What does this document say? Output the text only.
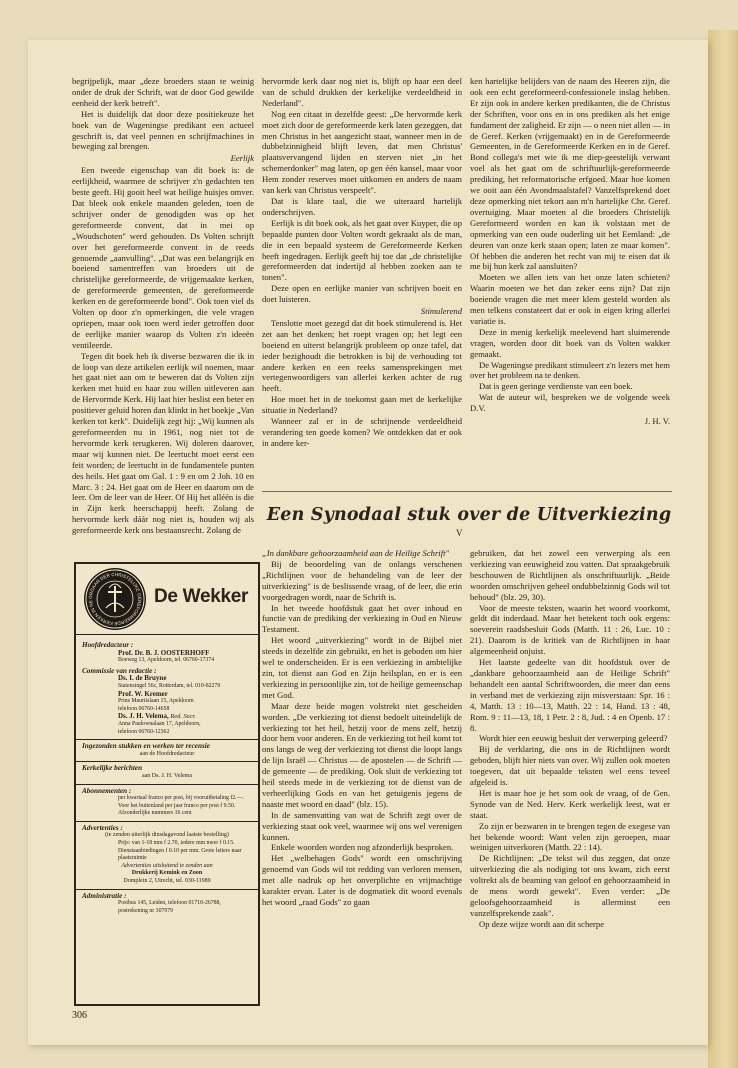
begrijpelijk, maar „deze broeders staan te weinig onder de druk der Schrift, wat de door God gewilde eenheid der kerk betreft".

Het is duidelijk dat door deze positiekeuze het boek van de Wageningse predikant een actueel geschrift is, dat veel pennen en schrijfmachines in beweging zal brengen.

Eerlijk

Een tweede eigenschap van dit boek is: de eerlijkheid, waarmee de schrijver z'n gedachten ten beste geeft. Hij gooit heel wat heilige huisjes omver. Dat bleek ook enkele maanden geleden, toen de schrijver onder de genodigden was op het gereformeerde convent, dat in mei op „Woudschoten" werd gehouden. Ds Volten schrijft over het gereformeerde convent in de reeds genoemde „aanvulling". „Dat was een belangrijk en boeiend samentreffen van broeders uit de christelijke gereformeerde, de vrijgemaakte kerken, de gereformeerde gemeenten, de gereformeerde kerken en de gereformeerde bond". Ook toen viel ds Volten op door z'n opmerkingen, die vele vragen opriepen, maar ook toen werd ieder getroffen door de eerlijke manier waarop ds Volten z'n ideeën ventileerde.

Tegen dit boek heb ik diverse bezwaren die ik in de loop van deze artikelen eerlijk wil noemen, maar het gaat niet aan om te beweren dat ds Volten zijn kerken met huid en haar zou willen uitleveren aan de Hervormde Kerk. Hij laat hier beslist een beter en positiever geluid horen dan klinkt in het boekje „Van kerken tot kerk". Duidelijk zegt hij: „Wij kunnen als gereformeerden nu in 1961, nog niet tot de hervormde kerk terugkeren. Wij doleren daarover, maar wij kunnen niet. De leertucht moet eerst een feit worden; de leertucht in de fundamentele punten des heils. Het gaat om Gal. 1 : 9 en om 2 Joh. 10 en Marc. 3 : 24. Het gaat om de Heer en daarom om de leer. Om de leer van de Heer. Of Hij het alléén is die in Zijn kerk heerschappij heeft. Zolang de hervormde kerk dáár nog niet is, houden wij als gereformeerde kerk ons bestaansrecht. Zolang de

hervormde kerk daar nog niet is, blijft op haar een deel van de schuld drukken der kerkelijke verdeeldheid in Nederland".

Nog een citaat in dezelfde geest: „De hervormde kerk moet zich door de gereformeerde kerk laten gezeggen, dat men Christus in het aangezicht staat, wanneer men in de dubbelzinnigheid blijft leven, dat men Christus' plaatsvervangend lijden en sterven niet „in het schemerdonker" mag laten, op gen één kansel, maar voor Hem zonder reserves moet uitkomen en anders de naam van kerk van Christus verspeelt".

Dat is klare taal, die we uiteraard hartelijk onderschrijven.

Eerlijk is dit boek ook, als het gaat over Kuyper, die op bepaalde punten door Volten wordt gekraakt als de man, die in een bepaald systeem de Gereformeerde Kerken heeft ingedragen. Eerlijk geeft hij toe dat „de christelijke gereformeerden dat indertijd al hebben zoeken aan te tonen".

Deze open en eerlijke manier van schrijven boeit en doet luisteren.

Stimulerend

Tenslotte moet gezegd dat dit boek stimulerend is. Het zet aan het denken; het roept vragen op; het legt een boeiend en uiterst belangrijk probleem op onze tafel, dat ieder bezighoudt die betrokken is bij de verhouding tot andere kerken en een reeks samensprekingen met vertegenwoordigers van allerlei kerken achter de rug heeft.

Hoe moet het in de toekomst gaan met de kerkelijke situatie in Nederland?

Wanneer zal er in de schrijnende verdeeldheid verandering ten goede komen? We ontdekken dat er ook in andere ker-

ken hartelijke belijders van de naam des Heeren zijn, die ook een echt gereformeerd-confessionele inslag hebben. Er zijn ook in andere kerken predikanten, die de Christus der Schriften, voor ons en in ons prediken als het enige fundament der zaligheid. Er zijn — o neen niet allen — in de Geref. Kerken (vrijgemaakt) en in de Gereformeerde Gemeenten, in de Gereformeerde Kerken en in de Geref. Bond collega's met wie ik me diep-geestelijk verwant voel als het gaat om de schriftuurlijk-gereformeerde prediking, het reformatorische erfgoed. Maar hoe komen we ooit aan één Avondmaalstafel? Vanzelfsprekend doet deze opmerking niet tekort aan m'n hartelijke Chr. Geref. overtuiging. Maar moeten al die broeders Christelijk Gereformeerd worden en kan ik volstaan met de opmerking van een oude ouderling uit het Eemland: „de deuren van onze kerk staan open; laten ze maar komen". Of hebben die anderen het recht van mij te eisen dat ik me bij hun kerk zal aansluiten?

Moeten we allen iets van het onze laten schieten? Waarin moeten we het dan zeker eens zijn? Dat zijn boeiende vragen die met meer klem gesteld worden als men telkens constateert dat er ook in eigen kring allerlei variatie is.

Deze in menig kerkelijk meelevend hart sluimerende vragen, worden door dit boek van ds Volten wakker gemaakt.

De Wageningse predikant stimuleert z'n lezers met hem over het probleem na te denken.

Dat is geen geringe verdienste van een boek.

Wat de auteur wil, bespreken we de volgende week D.V.

J. H. V.
Een Synodaal stuk over de Uitverkiezing
V

„In dankbare gehoorzaamheid aan de Heilige Schrift"

Bij de beoordeling van de onlangs verschenen „Richtlijnen voor de behandeling van de leer der uitverkiezing" is de beslissende vraag, of de leer, die erin voorgedragen wordt, naar de Schrift is.

In het tweede hoofdstuk gaat het over inhoud en functie van de prediking der verkiezing in Oud en Nieuw Testament.

Het woord „uitverkiezing" wordt in de Bijbel niet steeds in dezelfde zin gebruikt, en het is geboden om hier wel te onderscheiden. Er is een verkiezing in ambtelijke zin, tot dienst aan God en Zijn heilsplan, en er is een verkiezing in persoonlijke zin, tot de heilige gemeenschap met God.

Maar deze beide mogen volstrekt niet gescheiden worden. „De verkiezing tot dienst bedoelt uiteindelijk de verkiezing tot het heil, hetzij voor de mens zelf, hetzij door hem voor anderen. En de verkiezing tot heil komt tot ons langs de weg der verkiezing tot dienst die loopt langs de lijn Israël — Christus — de apostelen — de Schrift — de gemeente — de prediking. Ook sluit de verkiezing tot heil steeds mede in de verkiezing tot de dienst van de verheerlijking Gods en van het getuigenis jegens de naaste met woord en daad" (blz. 15).

In de samenvatting van wat de Schrift zegt over de verkiezing staat ook veel, waarmee wij ons wel verenigen kunnen.

Enkele woorden worden nog afzonderlijk besproken.

Het „welbehagen Gods" wordt een omschrijving genoemd van Gods wil tot redding van verloren mensen, met alle nadruk op het onverplichte en vrijmachtige karakter ervan. Later is de dogmatiek dit woord evenals het woord „raad Gods" zo gaan

gebruiken, dat het zowel een verwerping als een verkiezing van eeuwigheid zou vatten. Dat spraakgebruik beschouwen de Richtlijnen als onschriftuurlijk. „Beide woorden omschrijven geheel ondubbelzinnig Gods wil tot behoud" (blz. 29, 30).

Voor de meeste teksten, waarin het woord voorkomt, geldt dit inderdaad. Maar het betekent toch ook ergens: soeverein raadsbesluit Gods (Matth. 11 : 26, Luc. 10 : 21). Daarom is de kritiek van de Richtlijnen in haar algemeenheid onjuist.

Het laatste gedeelte van dit hoofdstuk over de „dankbare gehoorzaamheid aan de Heilige Schrift" behandelt een aantal Schriftwoorden, die meer dan eens in verband met de verkiezing zijn misverstaan: Spr. 16 : 4, Matth. 13 : 10—13, Matth. 22 : 14, Hand. 13 : 48, Rom. 9 : 11—13, 18, 1 Petr. 2 : 8, Jud. : 4 en Openb. 17 : 8.

Wordt hier een eeuwig besluit der verwerping geleerd?

Bij de verklaring, die ons in de Richtlijnen wordt geboden, blijft hier niets van over. Wij zullen ook moeten toegeven, dat uit bepaalde teksten wel eens teveel afgeleid is.

Het is maar hoe je het som ook de vraag, of de Gen. Synode van de Ned. Herv. Kerk werkelijk leest, wat er staat.

Zo zijn er bezwaren in te brengen tegen de exegese van het bekende woord: Want velen zijn geroepen, maar weinigen uitverkoren (Matth. 22 : 14).

De Richtlijnen: „De tekst wil dus zeggen, dat onze uitverkiezing die als nodiging tot ons kwam, zich eerst voltrekt als de beaming van geloof en gehoorzaamheid in de mens wordt gewekt". Even verder: „De geloofsgehoorzaamheid is allerminst een vanzelfsprekende zaak".

Op deze wijze wordt aan dit scherpe

ORGAAN DER CHRISTELIJKE GEREFORMEERDE KERKEN IN NE	De Wekker
Hoofdredacteur :
Prof. Dr. B. J. OOSTERHOFF
Boeweg 13, Apeldoorn, tel. 06760-17374
Commissie van redactie :
Ds. I. de Bruyne
Statensingel 56c, Rotterdam, tel. 010-82279
Prof. W. Kremer
Prins Mauritslaan 15, Apeldoorn
telefoon 06760-14658
Ds. J. H. Velema, Red. Secr.
Anna Paulownalaan 17, Apeldoorn,
telefoon 06760-12362
Ingezonden stukken en werken ter recensie
aan de Hoofdredacteur
Kerkelijke berichten
aan Ds. J. H. Velema
Abonnementen :
per kwartaal franco per post, bij vooruitbetaling f2.—. Voor het buitenland per jaar franco per post f 9.50. Afzonderlijke nummers 16 cent
Advertenties :
(te zenden uiterlijk dinsdagavond laatste bestelling)
Prijs: van 1-18 mm f 2.70, iedere mm meer f 0.15. Dienstaanbiedingen f 0.10 per mm. Grote letters naar plaatsruimte
Advertenties uitsluitend te zenden aan
Drukkerij Kemink en Zoon
Domplein 2, Utrecht, tel. 030-11989
Administratie :
Postbus 145, Leiden, telefoon 01710-26788, postrekening nr 307979
306
